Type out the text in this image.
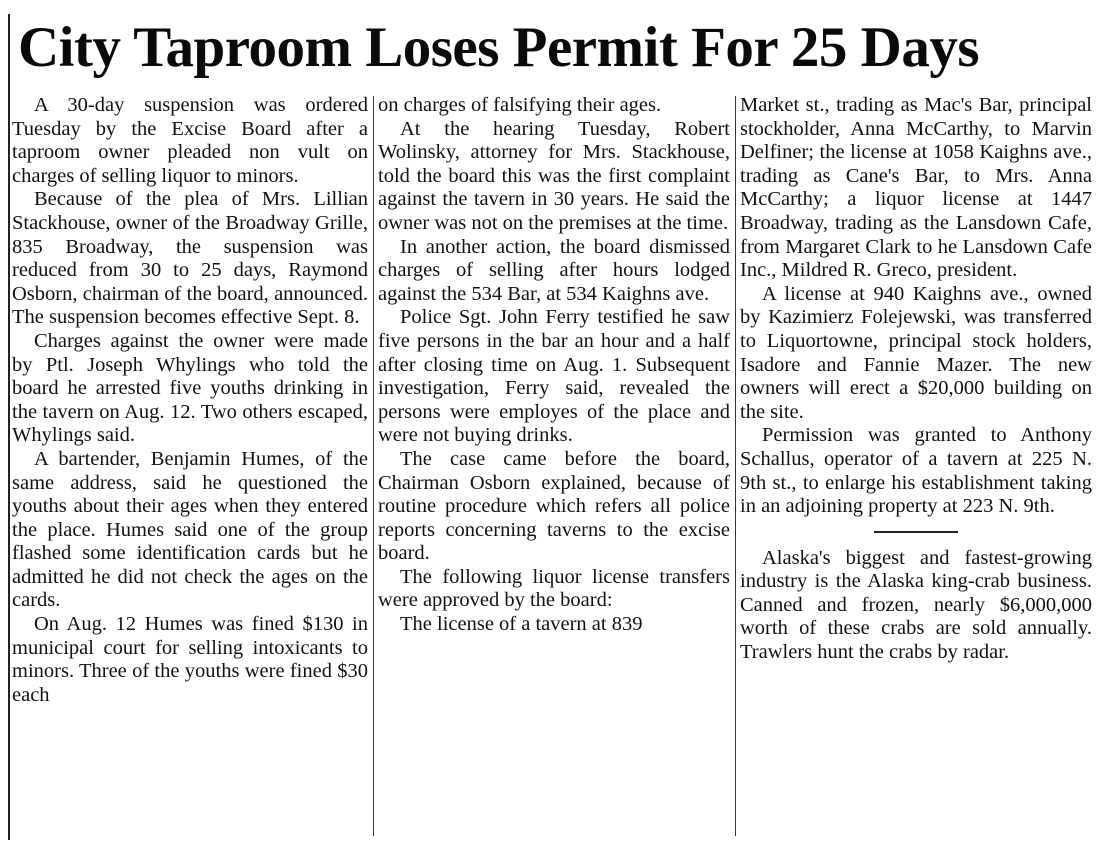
City Taproom Loses Permit For 25 Days

A 30-day suspension was ordered Tuesday by the Excise Board after a taproom owner pleaded non vult on charges of selling liquor to minors.

Because of the plea of Mrs. Lillian Stackhouse, owner of the Broadway Grille, 835 Broadway, the suspension was reduced from 30 to 25 days, Raymond Osborn, chairman of the board, announced. The suspension becomes effective Sept. 8.

Charges against the owner were made by Ptl. Joseph Whylings who told the board he arrested five youths drinking in the tavern on Aug. 12. Two others escaped, Whylings said.

A bartender, Benjamin Humes, of the same address, said he questioned the youths about their ages when they entered the place. Humes said one of the group flashed some identification cards but he admitted he did not check the ages on the cards.

On Aug. 12 Humes was fined $130 in municipal court for selling intoxicants to minors. Three of the youths were fined $30 each

on charges of falsifying their ages.

At the hearing Tuesday, Robert Wolinsky, attorney for Mrs. Stackhouse, told the board this was the first complaint against the tavern in 30 years. He said the owner was not on the premises at the time.

In another action, the board dismissed charges of selling after hours lodged against the 534 Bar, at 534 Kaighns ave.

Police Sgt. John Ferry testified he saw five persons in the bar an hour and a half after closing time on Aug. 1. Subsequent investigation, Ferry said, revealed the persons were employes of the place and were not buying drinks.

The case came before the board, Chairman Osborn explained, because of routine procedure which refers all police reports concerning taverns to the excise board.

The following liquor license transfers were approved by the board:

The license of a tavern at 839

Market st., trading as Mac's Bar, principal stockholder, Anna McCarthy, to Marvin Delfiner; the license at 1058 Kaighns ave., trading as Cane's Bar, to Mrs. Anna McCarthy; a liquor license at 1447 Broadway, trading as the Lansdown Cafe, from Margaret Clark to he Lansdown Cafe Inc., Mildred R. Greco, president.

A license at 940 Kaighns ave., owned by Kazimierz Folejewski, was transferred to Liquortowne, principal stock holders, Isadore and Fannie Mazer. The new owners will erect a $20,000 building on the site.

Permission was granted to Anthony Schallus, operator of a tavern at 225 N. 9th st., to enlarge his establishment taking in an adjoining property at 223 N. 9th.

Alaska's biggest and fastest-growing industry is the Alaska king-crab business. Canned and frozen, nearly $6,000,000 worth of these crabs are sold annually. Trawlers hunt the crabs by radar.
